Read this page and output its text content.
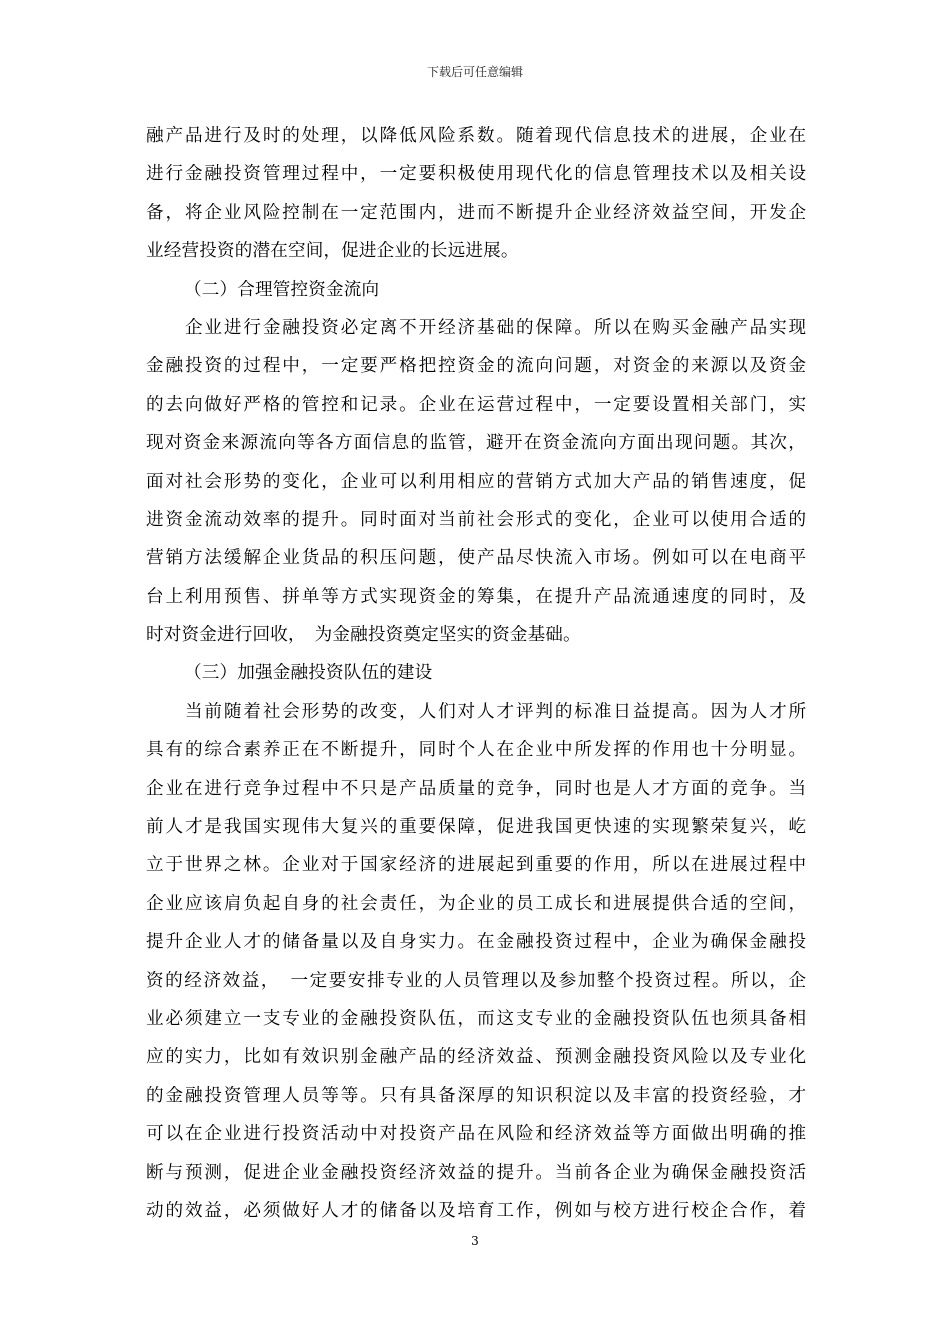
下载后可任意编辑
融产品进行及时的处理，以降低风险系数。随着现代信息技术的进展，企业在
进行金融投资管理过程中，一定要积极使用现代化的信息管理技术以及相关设
备，将企业风险控制在一定范围内，进而不断提升企业经济效益空间，开发企
业经营投资的潜在空间，促进企业的长远进展。
（二）合理管控资金流向
　　企业进行金融投资必定离不开经济基础的保障。所以在购买金融产品实现
金融投资的过程中，一定要严格把控资金的流向问题，对资金的来源以及资金
的去向做好严格的管控和记录。企业在运营过程中，一定要设置相关部门，实
现对资金来源流向等各方面信息的监管，避开在资金流向方面出现问题。其次，
面对社会形势的变化，企业可以利用相应的营销方式加大产品的销售速度，促
进资金流动效率的提升。同时面对当前社会形式的变化，企业可以使用合适的
营销方法缓解企业货品的积压问题，使产品尽快流入市场。例如可以在电商平
台上利用预售、拼单等方式实现资金的筹集，在提升产品流通速度的同时，及
时对资金进行回收，　为金融投资奠定坚实的资金基础。
（三）加强金融投资队伍的建设
　　当前随着社会形势的改变，人们对人才评判的标准日益提高。因为人才所
具有的综合素养正在不断提升，同时个人在企业中所发挥的作用也十分明显。
企业在进行竞争过程中不只是产品质量的竞争，同时也是人才方面的竞争。当
前人才是我国实现伟大复兴的重要保障，促进我国更快速的实现繁荣复兴，屹
立于世界之林。企业对于国家经济的进展起到重要的作用，所以在进展过程中
企业应该肩负起自身的社会责任，为企业的员工成长和进展提供合适的空间，
提升企业人才的储备量以及自身实力。在金融投资过程中，企业为确保金融投
资的经济效益，　一定要安排专业的人员管理以及参加整个投资过程。所以，企
业必须建立一支专业的金融投资队伍，而这支专业的金融投资队伍也须具备相
应的实力，比如有效识别金融产品的经济效益、预测金融投资风险以及专业化
的金融投资管理人员等等。只有具备深厚的知识积淀以及丰富的投资经验，才
可以在企业进行投资活动中对投资产品在风险和经济效益等方面做出明确的推
断与预测，促进企业金融投资经济效益的提升。当前各企业为确保金融投资活
动的效益，必须做好人才的储备以及培育工作，例如与校方进行校企合作，着
3
